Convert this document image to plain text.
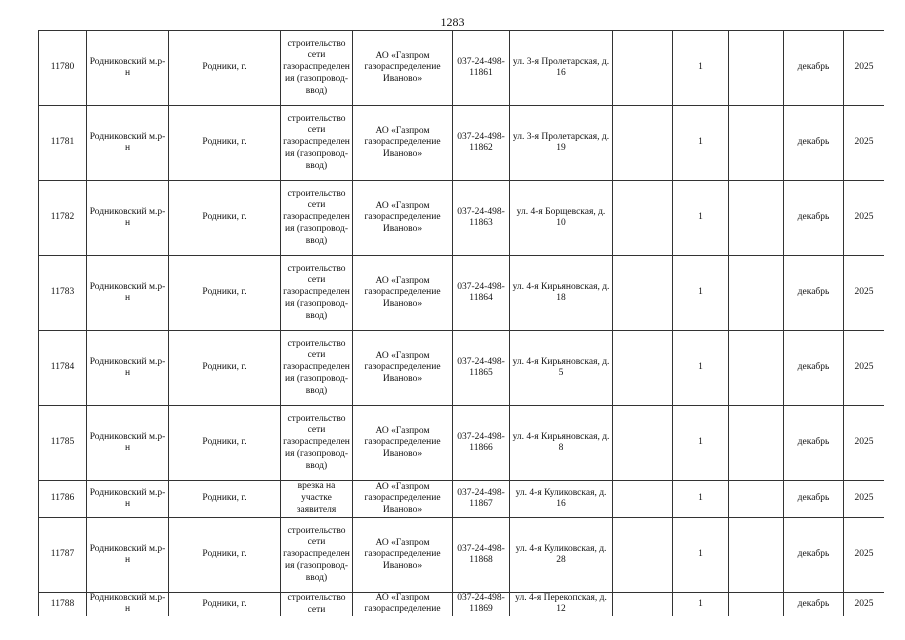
1283
11780	Родниковский м.р-н	Родники, г.	строительство сети газораспределения (газопровод-ввод)	АО «Газпром газораспределение Иваново»	037-24-498-11861	ул. 3-я Пролетарская, д. 16		1		декабрь	2025
11781	Родниковский м.р-н	Родники, г.	строительство сети газораспределения (газопровод-ввод)	АО «Газпром газораспределение Иваново»	037-24-498-11862	ул. 3-я Пролетарская, д. 19		1		декабрь	2025
11782	Родниковский м.р-н	Родники, г.	строительство сети газораспределения (газопровод-ввод)	АО «Газпром газораспределение Иваново»	037-24-498-11863	ул. 4-я Борщевская, д. 10		1		декабрь	2025
11783	Родниковский м.р-н	Родники, г.	строительство сети газораспределения (газопровод-ввод)	АО «Газпром газораспределение Иваново»	037-24-498-11864	ул. 4-я Кирьяновская, д. 18		1		декабрь	2025
11784	Родниковский м.р-н	Родники, г.	строительство сети газораспределения (газопровод-ввод)	АО «Газпром газораспределение Иваново»	037-24-498-11865	ул. 4-я Кирьяновская, д. 5		1		декабрь	2025
11785	Родниковский м.р-н	Родники, г.	строительство сети газораспределения (газопровод-ввод)	АО «Газпром газораспределение Иваново»	037-24-498-11866	ул. 4-я Кирьяновская, д. 8		1		декабрь	2025
11786	Родниковский м.р-н	Родники, г.	врезка на участке заявителя	АО «Газпром газораспределение Иваново»	037-24-498-11867	ул. 4-я Куликовская, д. 16		1		декабрь	2025
11787	Родниковский м.р-н	Родники, г.	строительство сети газораспределения (газопровод-ввод)	АО «Газпром газораспределение Иваново»	037-24-498-11868	ул. 4-я Куликовская, д. 28		1		декабрь	2025
11788	Родниковский м.р-н	Родники, г.	строительство сети	АО «Газпром газораспределение	037-24-498-11869	ул. 4-я Перекопская, д. 12		1		декабрь	2025
